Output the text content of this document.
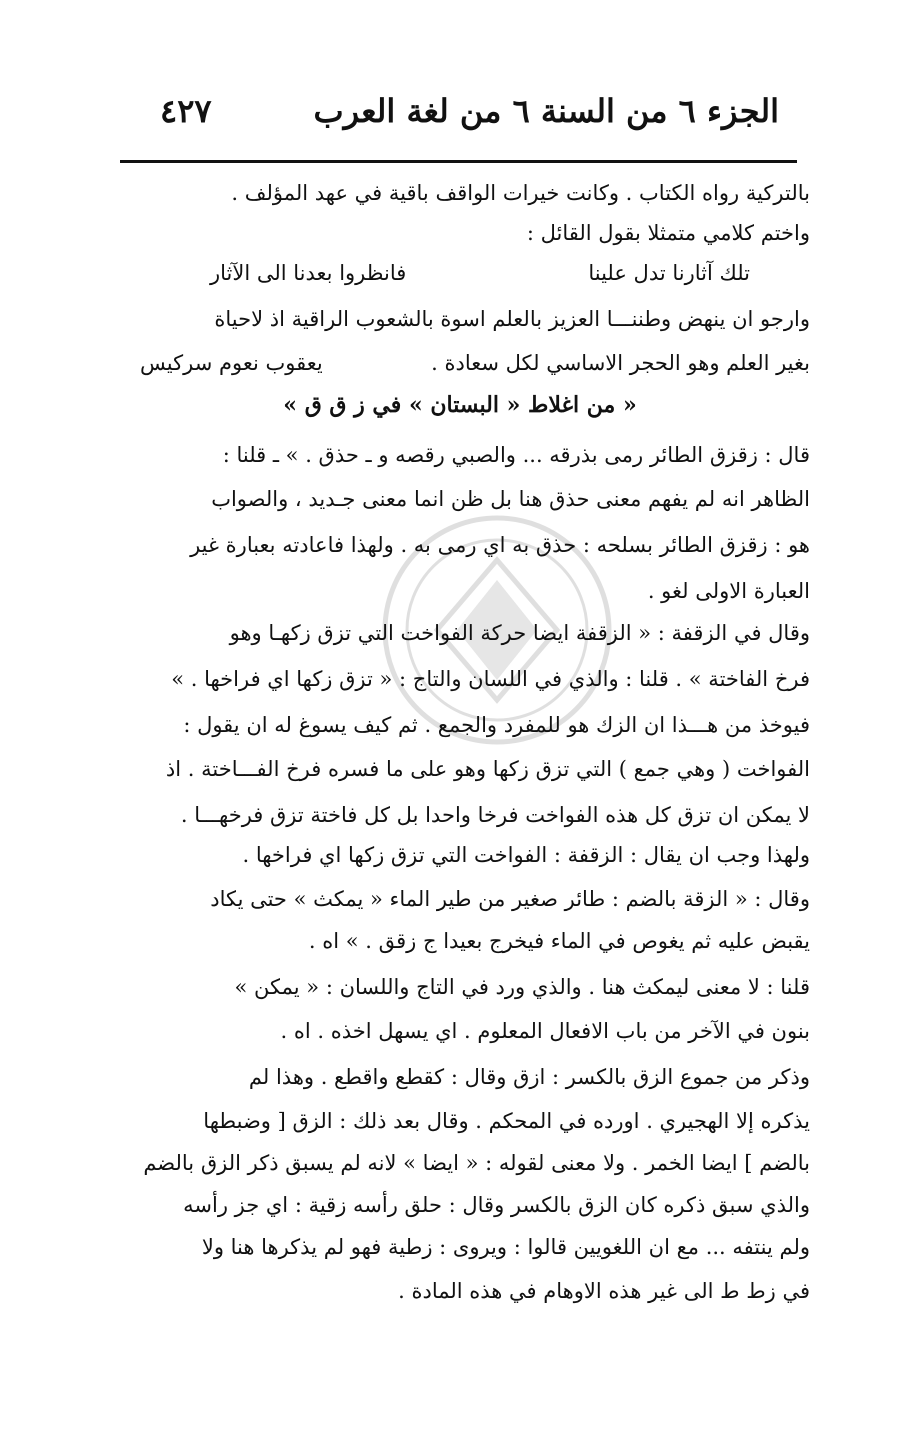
الجزء ٦ من السنة ٦ من لغة العرب
٤٢٧
بالتركية رواه الكتاب . وكانت خيرات الواقف باقية في عهد المؤلف .
واختم كلامي متمثلا بقول القائل :
تلك آثارنا تدل علينا
فانظروا بعدنا الى الآثار
وارجو ان ينهض وطننـــا العزيز بالعلم اسوة بالشعوب الراقية اذ لاحياة
بغير العلم وهو الحجر الاساسي لكل سعادة .
يعقوب نعوم سركيس
« من اغلاط « البستان » في ز ق ق »
قال : زقزق الطائر رمى بذرقه ... والصبي رقصه و ـ حذق . » ـ قلنا :
الظاهر انه لم يفهم معنى حذق هنا بل ظن انما معنى جـديد ، والصواب
هو : زقزق الطائر بسلحه : حذق به اي رمى به . ولهذا فاعادته بعبارة غير
العبارة الاولى لغو .
وقال في الزقفة : « الزقفة ايضا حركة الفواخت التي تزق زكهـا وهو
فرخ الفاختة » . قلنا : والذي في اللسان والتاج : « تزق زكها اي فراخها . »
فيوخذ من هـــذا ان الزك هو للمفرد والجمع . ثم كيف يسوغ له ان يقول :
الفواخت ( وهي جمع ) التي تزق زكها وهو على ما فسره فرخ الفـــاختة . اذ
لا يمكن ان تزق كل هذه الفواخت فرخا واحدا بل كل فاختة تزق فرخهـــا .
ولهذا وجب ان يقال : الزقفة : الفواخت التي تزق زكها اي فراخها .
وقال : « الزقة بالضم : طائر صغير من طير الماء « يمكث » حتى يكاد
يقبض عليه ثم يغوص في الماء فيخرج بعيدا ج زقق . » اه .
قلنا : لا معنى ليمكث هنا . والذي ورد في التاج واللسان : « يمكن »
بنون في الآخر من باب الافعال المعلوم . اي يسهل اخذه . اه .
وذكر من جموع الزق بالكسر : ازق وقال : كقطع واقطع . وهذا لم
يذكره إلا الهجيري . اورده في المحكم . وقال بعد ذلك : الزق [ وضبطها
بالضم ] ايضا الخمر . ولا معنى لقوله : « ايضا » لانه لم يسبق ذكر الزق بالضم
والذي سبق ذكره كان الزق بالكسر وقال : حلق رأسه زقية : اي جز رأسه
ولم ينتفه ... مع ان اللغويين قالوا : ويروى : زطية فهو لم يذكرها هنا ولا
في زط ط الى غير هذه الاوهام في هذه المادة .
